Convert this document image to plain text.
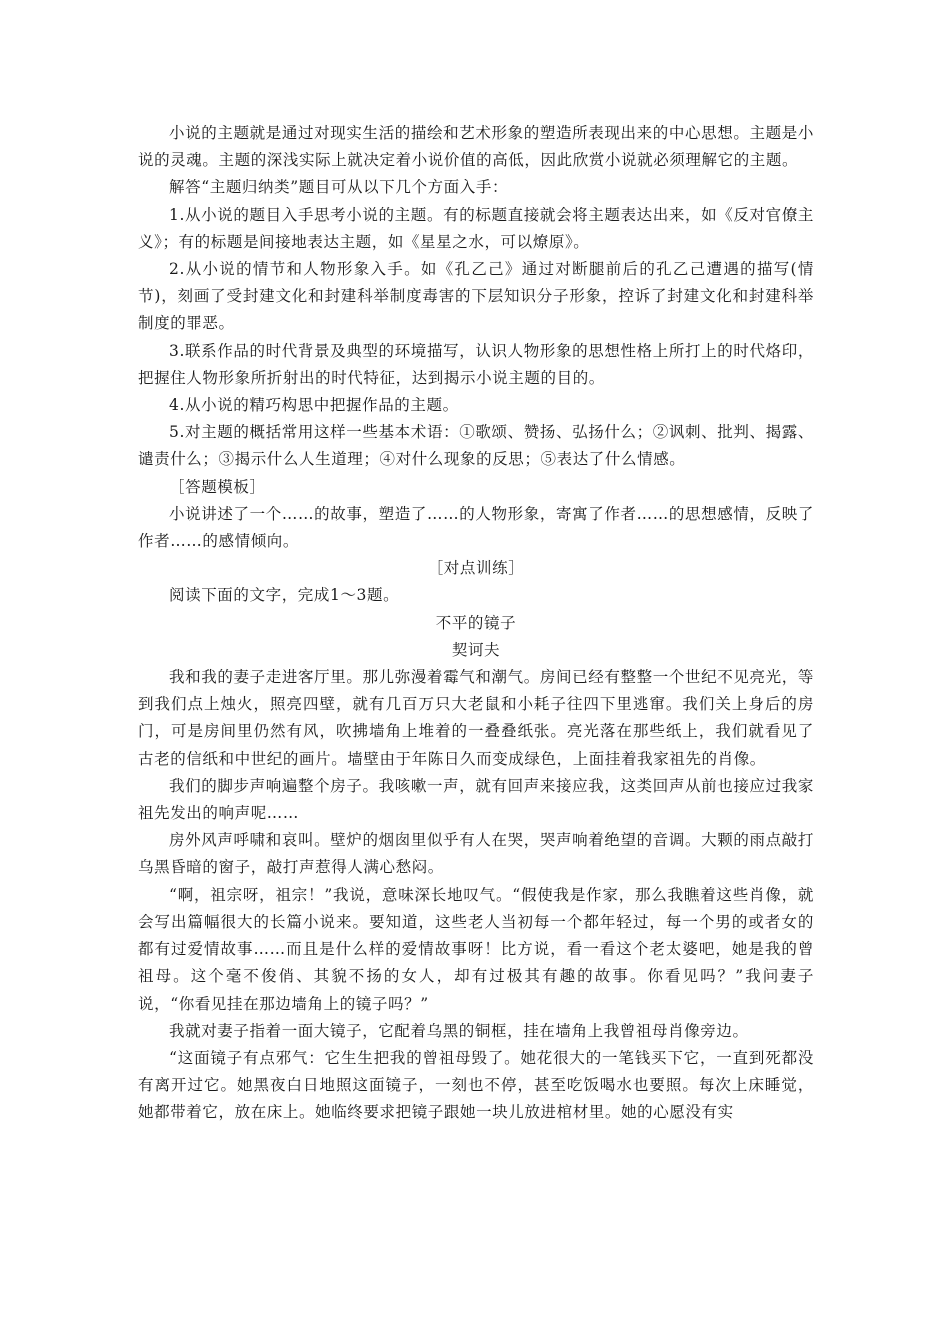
小说的主题就是通过对现实生活的描绘和艺术形象的塑造所表现出来的中心思想。主题是小说的灵魂。主题的深浅实际上就决定着小说价值的高低，因此欣赏小说就必须理解它的主题。

解答“主题归纳类”题目可从以下几个方面入手：

1.从小说的题目入手思考小说的主题。有的标题直接就会将主题表达出来，如《反对官僚主义》；有的标题是间接地表达主题，如《星星之水，可以燎原》。

2.从小说的情节和人物形象入手。如《孔乙己》通过对断腿前后的孔乙己遭遇的描写(情节)，刻画了受封建文化和封建科举制度毒害的下层知识分子形象，控诉了封建文化和封建科举制度的罪恶。

3.联系作品的时代背景及典型的环境描写，认识人物形象的思想性格上所打上的时代烙印，把握住人物形象所折射出的时代特征，达到揭示小说主题的目的。

4.从小说的精巧构思中把握作品的主题。

5.对主题的概括常用这样一些基本术语：①歌颂、赞扬、弘扬什么；②讽刺、批判、揭露、谴责什么；③揭示什么人生道理；④对什么现象的反思；⑤表达了什么情感。

［答题模板］

小说讲述了一个……的故事，塑造了……的人物形象，寄寓了作者……的思想感情，反映了作者……的感情倾向。

［对点训练］

阅读下面的文字，完成1～3题。

不平的镜子

契诃夫

我和我的妻子走进客厅里。那儿弥漫着霉气和潮气。房间已经有整整一个世纪不见亮光，等到我们点上烛火，照亮四壁，就有几百万只大老鼠和小耗子往四下里逃窜。我们关上身后的房门，可是房间里仍然有风，吹拂墙角上堆着的一叠叠纸张。亮光落在那些纸上，我们就看见了古老的信纸和中世纪的画片。墙壁由于年陈日久而变成绿色，上面挂着我家祖先的肖像。

我们的脚步声响遍整个房子。我咳嗽一声，就有回声来接应我，这类回声从前也接应过我家祖先发出的响声呢……

房外风声呼啸和哀叫。壁炉的烟囱里似乎有人在哭，哭声响着绝望的音调。大颗的雨点敲打乌黑昏暗的窗子，敲打声惹得人满心愁闷。

“啊，祖宗呀，祖宗！”我说，意味深长地叹气。“假使我是作家，那么我瞧着这些肖像，就会写出篇幅很大的长篇小说来。要知道，这些老人当初每一个都年轻过，每一个男的或者女的都有过爱情故事……而且是什么样的爱情故事呀！比方说，看一看这个老太婆吧，她是我的曾祖母。这个毫不俊俏、其貌不扬的女人，却有过极其有趣的故事。你看见吗？”我问妻子说，“你看见挂在那边墙角上的镜子吗？”

我就对妻子指着一面大镜子，它配着乌黑的铜框，挂在墙角上我曾祖母肖像旁边。

“这面镜子有点邪气：它生生把我的曾祖母毁了。她花很大的一笔钱买下它，一直到死都没有离开过它。她黑夜白日地照这面镜子，一刻也不停，甚至吃饭喝水也要照。每次上床睡觉，她都带着它，放在床上。她临终要求把镜子跟她一块儿放进棺材里。她的心愿没有实
